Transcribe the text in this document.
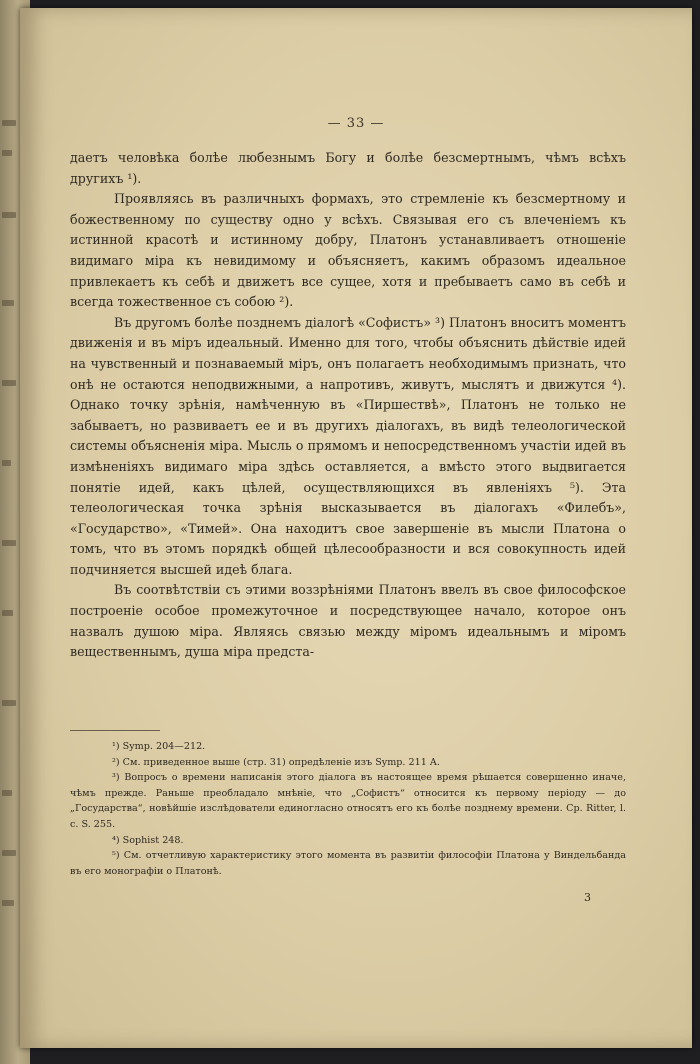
— 33 —

даетъ человѣка болѣе любезнымъ Богу и болѣе безсмертнымъ, чѣмъ всѣхъ другихъ ¹).

Проявляясь въ различныхъ формахъ, это стремленіе къ безсмертному и божественному по существу одно у всѣхъ. Связывая его съ влеченіемъ къ истинной красотѣ и истинному добру, Платонъ устанавливаетъ отношеніе видимаго міра къ невидимому и объясняетъ, какимъ образомъ идеальное привлекаетъ къ себѣ и движетъ все сущее, хотя и пребываетъ само въ себѣ и всегда тожественное съ собою ²).

Въ другомъ болѣе позднемъ діалогѣ «Софистъ» ³) Платонъ вноситъ моментъ движенія и въ міръ идеальный. Именно для того, чтобы объяснить дѣйствіе идей на чувственный и познаваемый міръ, онъ полагаетъ необходимымъ признать, что онѣ не остаются неподвижными, а напротивъ, живутъ, мыслятъ и движутся ⁴). Однако точку зрѣнія, намѣченную въ «Пиршествѣ», Платонъ не только не забываетъ, но развиваетъ ее и въ другихъ діалогахъ, въ видѣ телеологической системы объясненія міра. Мысль о прямомъ и непосредственномъ участіи идей въ измѣненіяхъ видимаго міра здѣсь оставляется, а вмѣсто этого выдвигается понятіе идей, какъ цѣлей, осуществляющихся въ явленіяхъ ⁵). Эта телеологическая точка зрѣнія высказывается въ діалогахъ «Филебъ», «Государство», «Тимей». Она находитъ свое завершеніе въ мысли Платона о томъ, что въ этомъ порядкѣ общей цѣлесообразности и вся совокупность идей подчиняется высшей идеѣ блага.

Въ соотвѣтствіи съ этими воззрѣніями Платонъ ввелъ въ свое философское построеніе особое промежуточное и посредствующее начало, которое онъ назвалъ душою міра. Являясь связью между міромъ идеальнымъ и міромъ вещественнымъ, душа міра предста-

¹) Symp. 204—212.

²) См. приведенное выше (стр. 31) опредѣленіе изъ Symp. 211 A.

³) Вопросъ о времени написанія этого діалога въ настоящее время рѣшается совершенно иначе, чѣмъ прежде. Раньше преобладало мнѣніе, что „Софистъ“ относится къ первому періоду — до „Государства“, новѣйшіе изслѣдователи единогласно относятъ его къ болѣе позднему времени. Ср. Ritter, l. c. S. 255.

⁴) Sophist 248.

⁵) См. отчетливую характеристику этого момента въ развитіи философіи Платона у Виндельбанда въ его монографіи о Платонѣ.

3
